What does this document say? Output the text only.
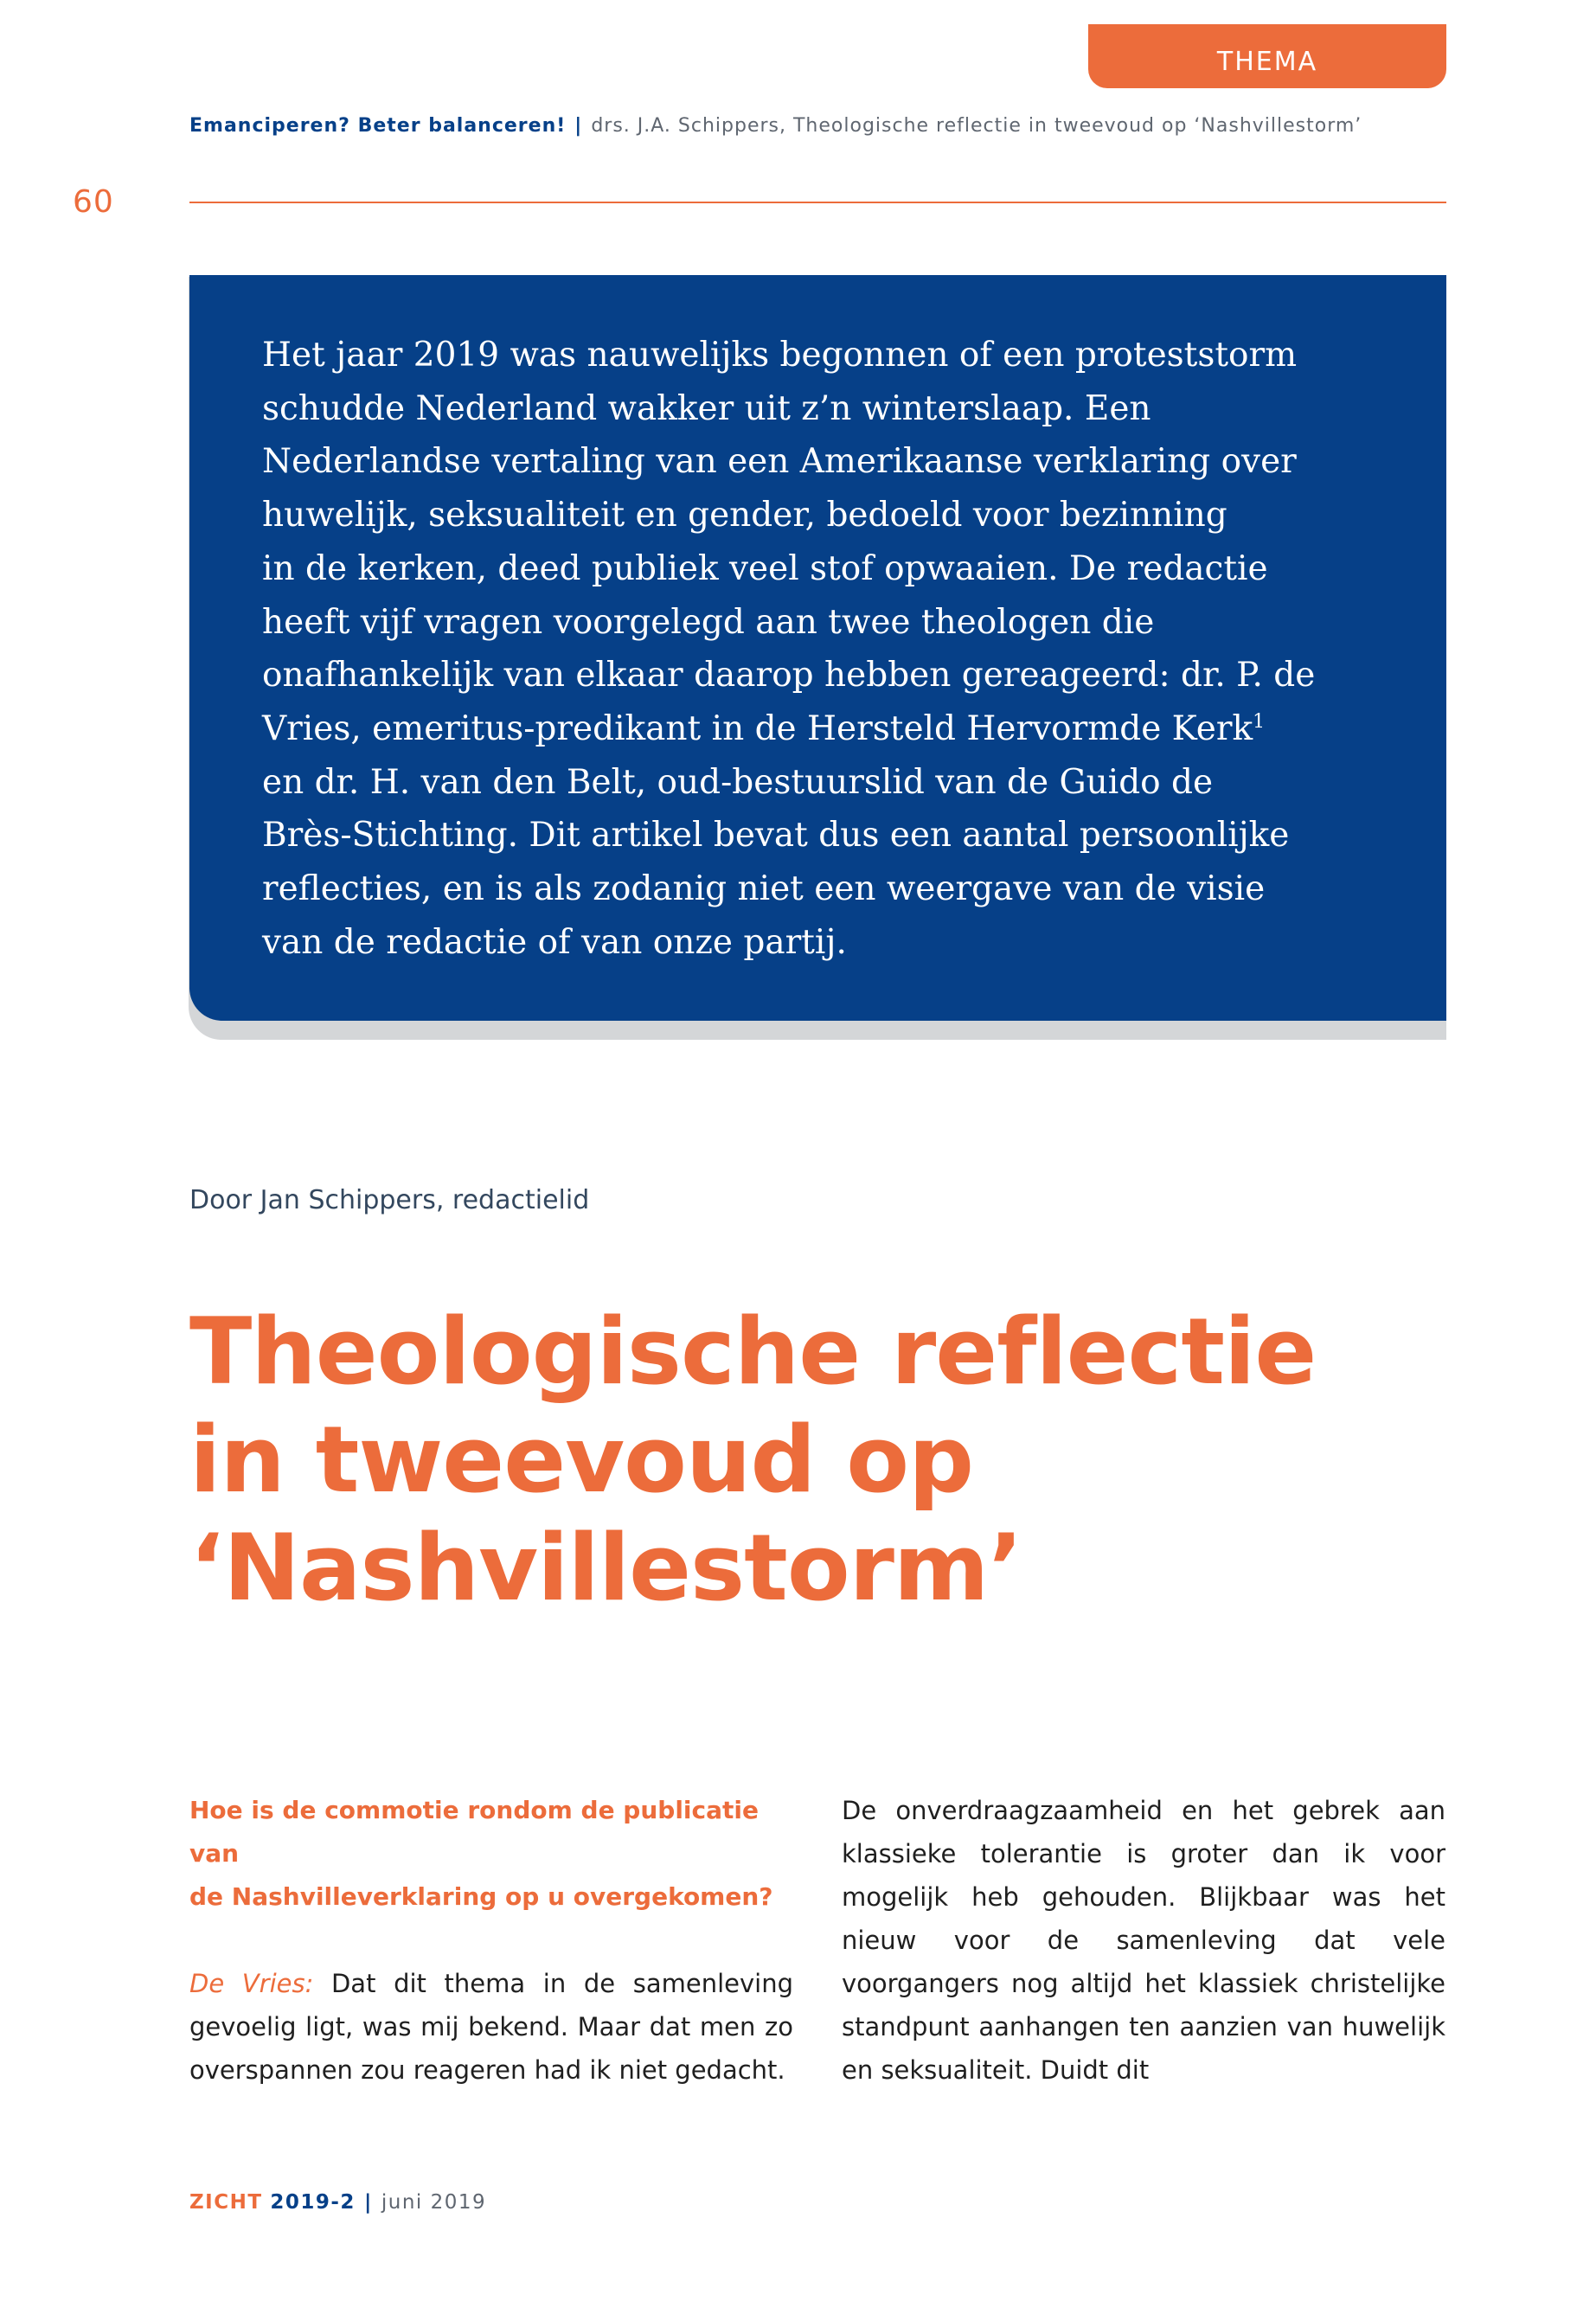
THEMA
Emanciperen? Beter balanceren! | drs. J.A. Schippers, Theologische reflectie in tweevoud op ‘Nashvillestorm’
60

Het jaar 2019 was nauwelijks begonnen of een proteststorm
schudde Nederland wakker uit z’n winterslaap. Een
Nederlandse vertaling van een Amerikaanse verklaring over
huwelijk, seksualiteit en gender, bedoeld voor bezinning
in de kerken, deed publiek veel stof opwaaien. De redactie
heeft vijf vragen voorgelegd aan twee theologen die
onafhankelijk van elkaar daarop hebben gereageerd: dr. P. de
Vries, emeritus-predikant in de Hersteld Hervormde Kerk$^1$
en dr. H. van den Belt, oud-bestuurslid van de Guido de
Brès-Stichting. Dit artikel bevat dus een aantal persoonlijke
reflecties, en is als zodanig niet een weergave van de visie
van de redactie of van onze partij.

Door Jan Schippers, redactielid
Theologische reflectie
in tweevoud op
‘Nashvillestorm’

Hoe is de commotie rondom de publicatie van
de Nashvilleverklaring op u overgekomen?

De Vries: Dat dit thema in de samenleving gevoelig ligt, was mij bekend. Maar dat men zo overspannen zou reageren had ik niet gedacht.

De onverdraagzaamheid en het gebrek aan klassieke tolerantie is groter dan ik voor mogelijk heb gehouden. Blijkbaar was het nieuw voor de samenleving dat vele voorgangers nog altijd het klassiek christelijke standpunt aanhangen ten aanzien van huwelijk en seksualiteit. Duidt dit

ZICHT 2019-2 | juni 2019
